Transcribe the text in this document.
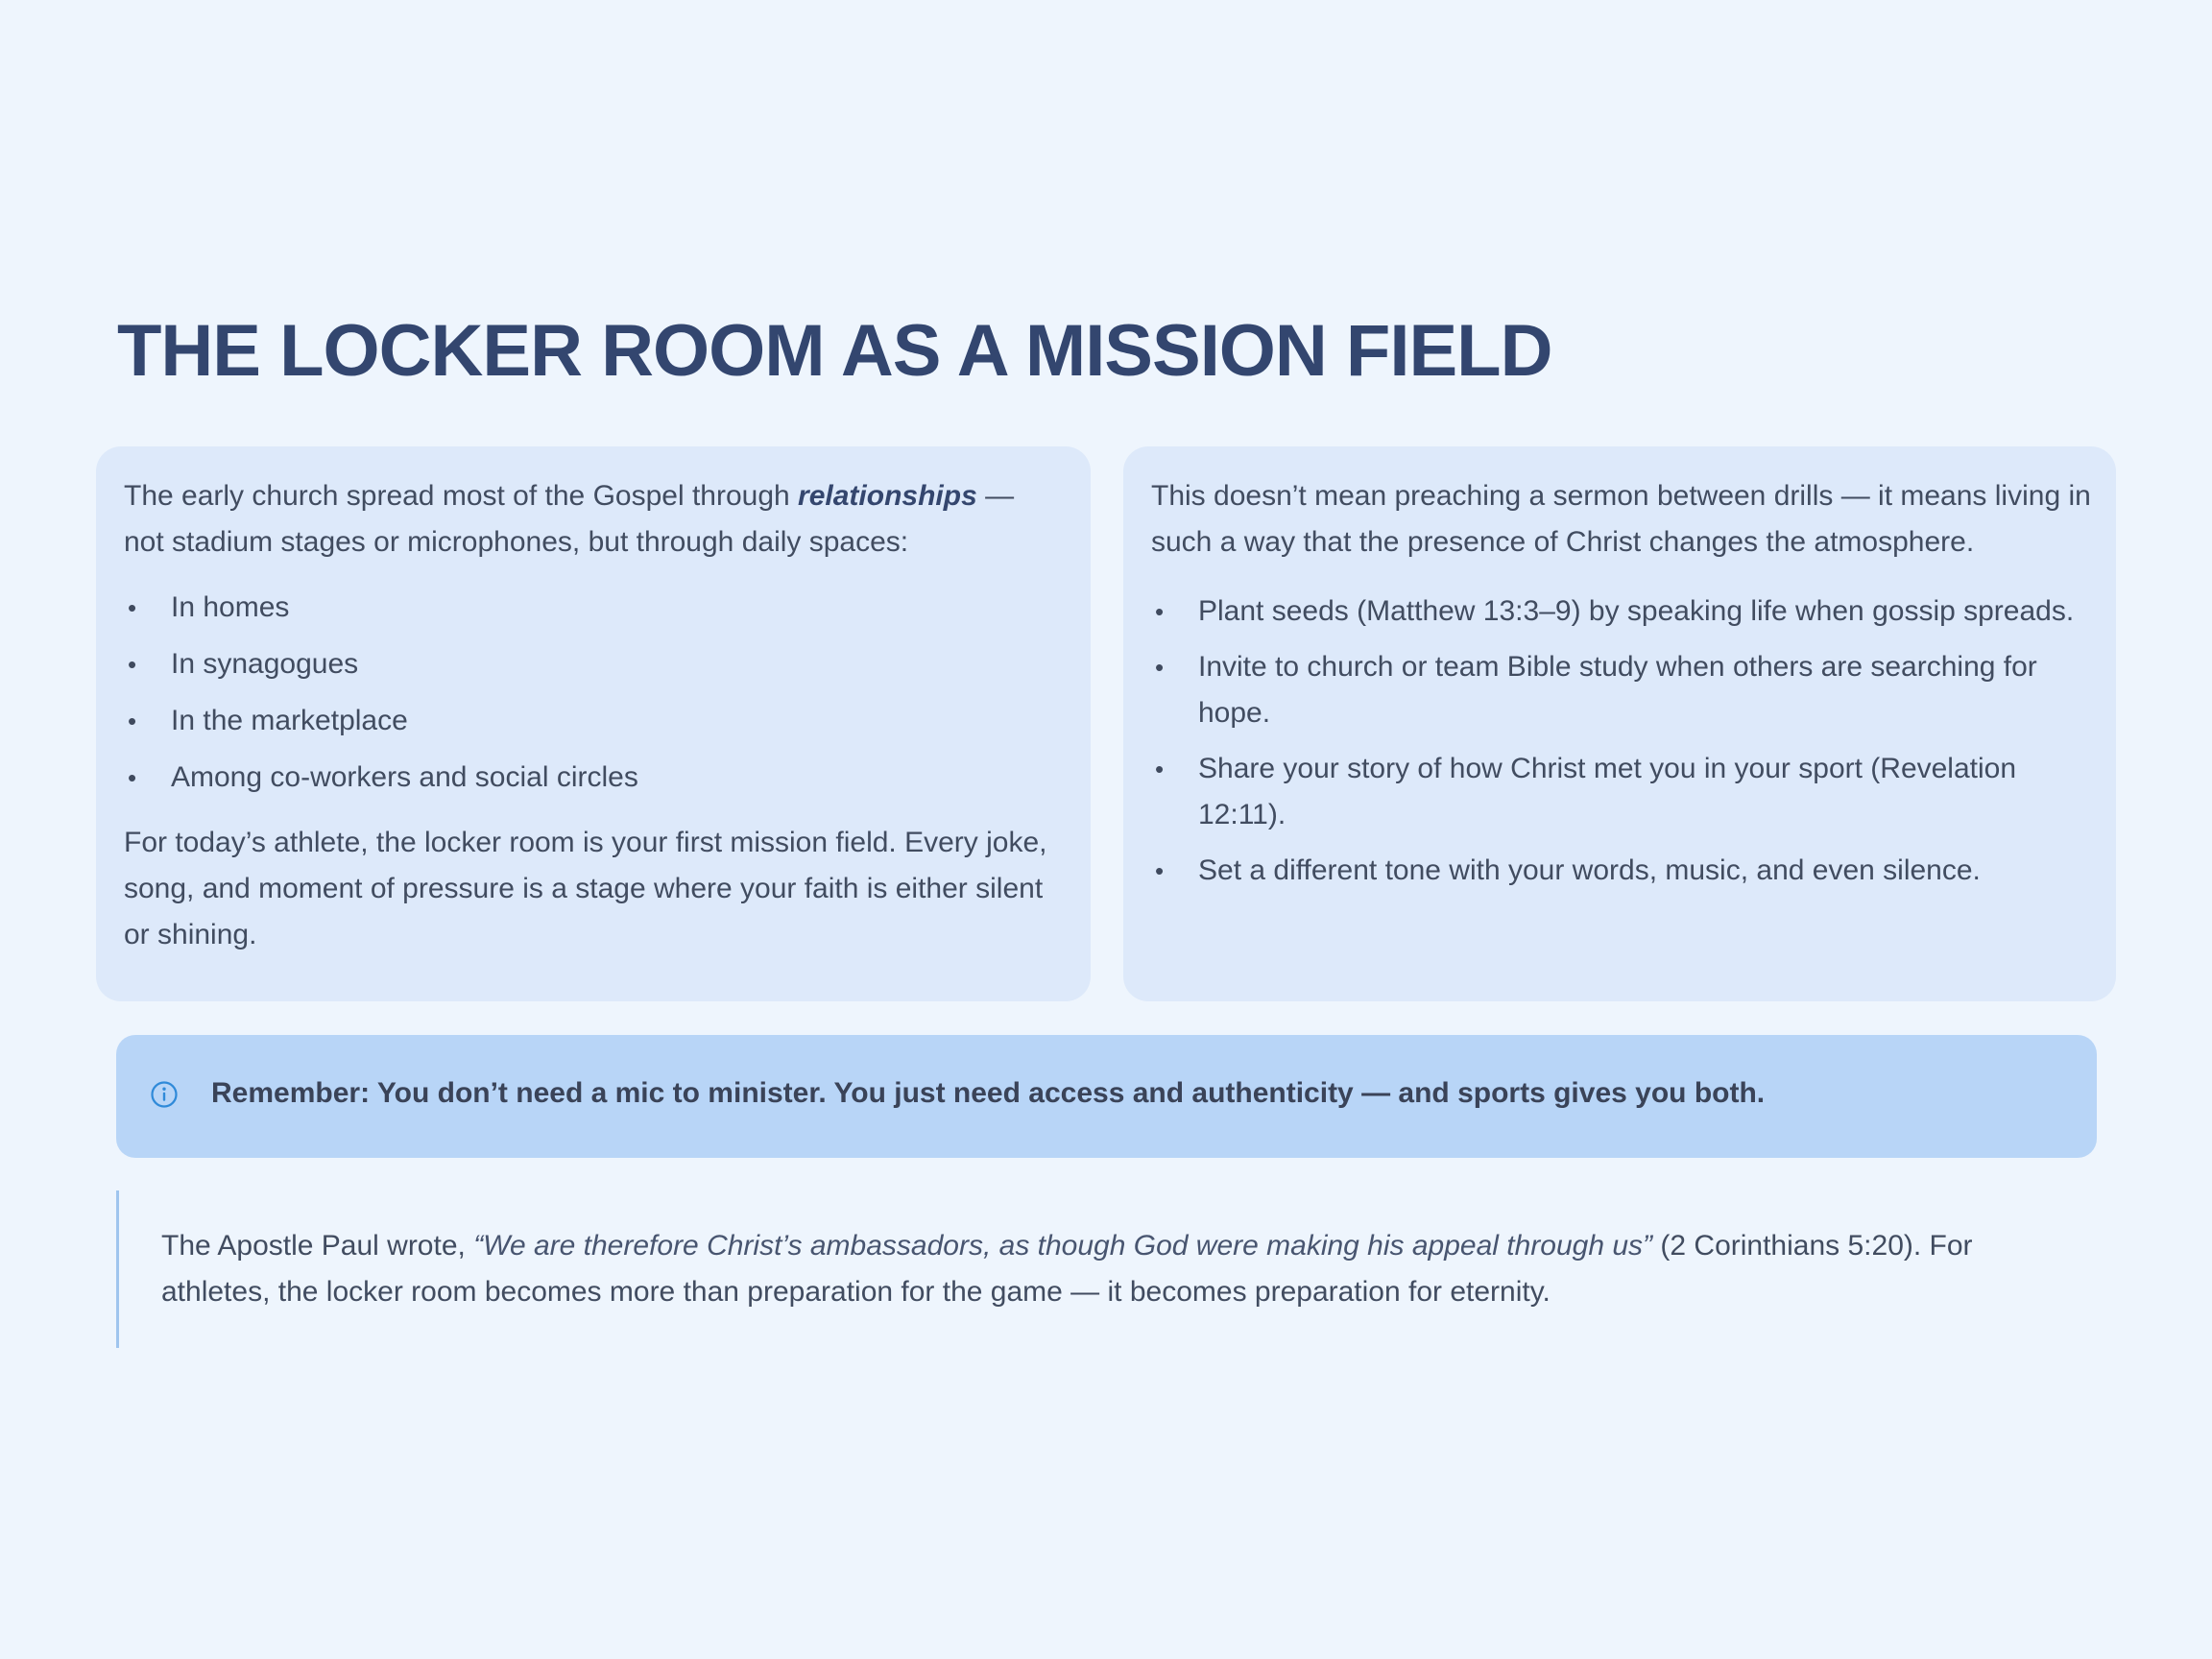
THE LOCKER ROOM AS A MISSION FIELD

The early church spread most of the Gospel through relationships — not stadium stages or microphones, but through daily spaces:

• In homes
• In synagogues
• In the marketplace
• Among co-workers and social circles

For today’s athlete, the locker room is your first mission field. Every joke, song, and moment of pressure is a stage where your faith is either silent or shining.

This doesn’t mean preaching a sermon between drills — it means living in such a way that the presence of Christ changes the atmosphere.

• Plant seeds (Matthew 13:3–9) by speaking life when gossip spreads.
• Invite to church or team Bible study when others are searching for hope.
• Share your story of how Christ met you in your sport (Revelation 12:11).
• Set a different tone with your words, music, and even silence.
Remember: You don’t need a mic to minister. You just need access and authenticity — and sports gives you both.
The Apostle Paul wrote, “We are therefore Christ’s ambassadors, as though God were making his appeal through us” (2 Corinthians 5:20). For athletes, the locker room becomes more than preparation for the game — it becomes preparation for eternity.
